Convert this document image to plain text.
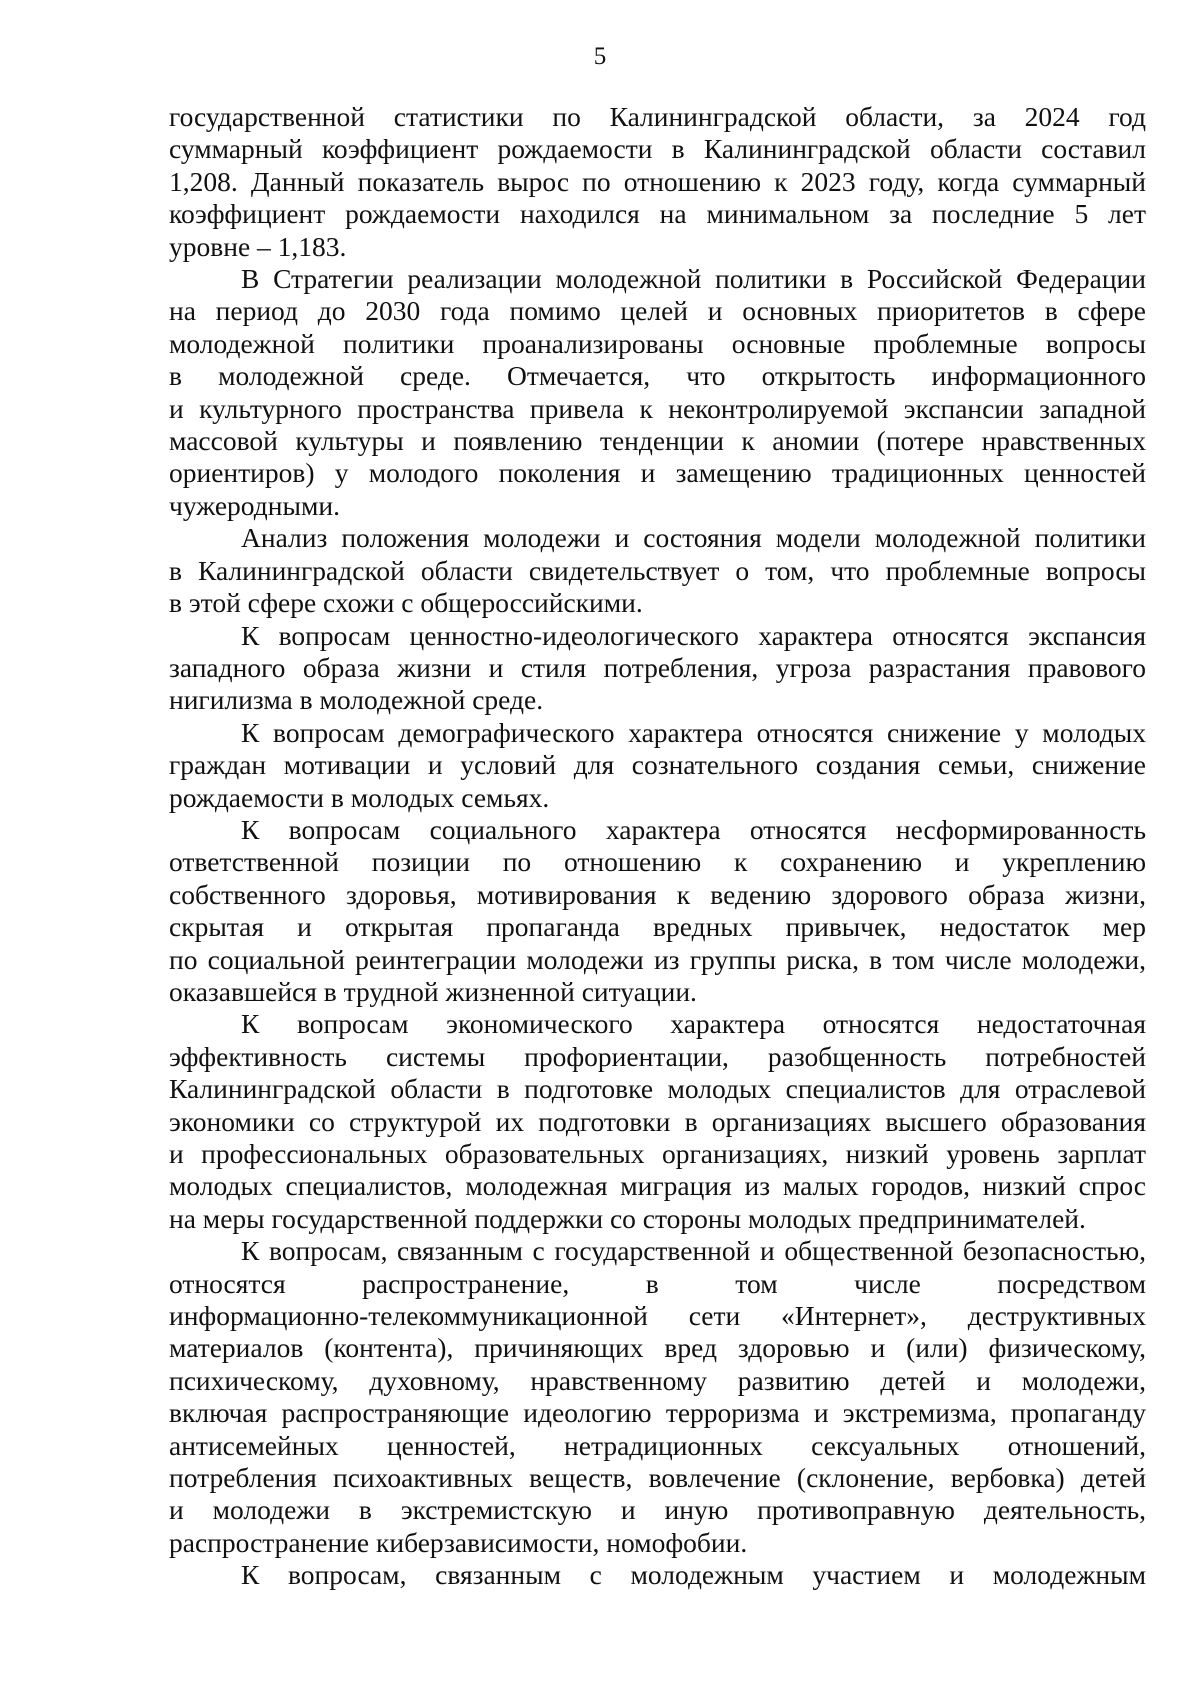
5

государственной статистики по Калининградской области, за 2024 год
суммарный коэффициент рождаемости в Калининградской области составил
1,208. Данный показатель вырос по отношению к 2023 году, когда суммарный
коэффициент рождаемости находился на минимальном за последние 5 лет
уровне – 1,183.

В Стратегии реализации молодежной политики в Российской Федерации
на период до 2030 года помимо целей и основных приоритетов в сфере
молодежной политики проанализированы основные проблемные вопросы
в молодежной среде. Отмечается, что открытость информационного
и культурного пространства привела к неконтролируемой экспансии западной
массовой культуры и появлению тенденции к аномии (потере нравственных
ориентиров) у молодого поколения и замещению традиционных ценностей
чужеродными.

Анализ положения молодежи и состояния модели молодежной политики
в Калининградской области свидетельствует о том, что проблемные вопросы
в этой сфере схожи с общероссийскими.

К вопросам ценностно-идеологического характера относятся экспансия
западного образа жизни и стиля потребления, угроза разрастания правового
нигилизма в молодежной среде.

К вопросам демографического характера относятся снижение у молодых
граждан мотивации и условий для сознательного создания семьи, снижение
рождаемости в молодых семьях.

К вопросам социального характера относятся несформированность
ответственной позиции по отношению к сохранению и укреплению
собственного здоровья, мотивирования к ведению здорового образа жизни,
скрытая и открытая пропаганда вредных привычек, недостаток мер
по социальной реинтеграции молодежи из группы риска, в том числе молодежи,
оказавшейся в трудной жизненной ситуации.

К вопросам экономического характера относятся недостаточная
эффективность системы профориентации, разобщенность потребностей
Калининградской области в подготовке молодых специалистов для отраслевой
экономики со структурой их подготовки в организациях высшего образования
и профессиональных образовательных организациях, низкий уровень зарплат
молодых специалистов, молодежная миграция из малых городов, низкий спрос
на меры государственной поддержки со стороны молодых предпринимателей.

К вопросам, связанным с государственной и общественной безопасностью,
относятся распространение, в том числе посредством
информационно-телекоммуникационной сети «Интернет», деструктивных
материалов (контента), причиняющих вред здоровью и (или) физическому,
психическому, духовному, нравственному развитию детей и молодежи,
включая распространяющие идеологию терроризма и экстремизма, пропаганду
антисемейных ценностей, нетрадиционных сексуальных отношений,
потребления психоактивных веществ, вовлечение (склонение, вербовка) детей
и молодежи в экстремистскую и иную противоправную деятельность,
распространение киберзависимости, номофобии.

К вопросам, связанным с молодежным участием и молодежным
